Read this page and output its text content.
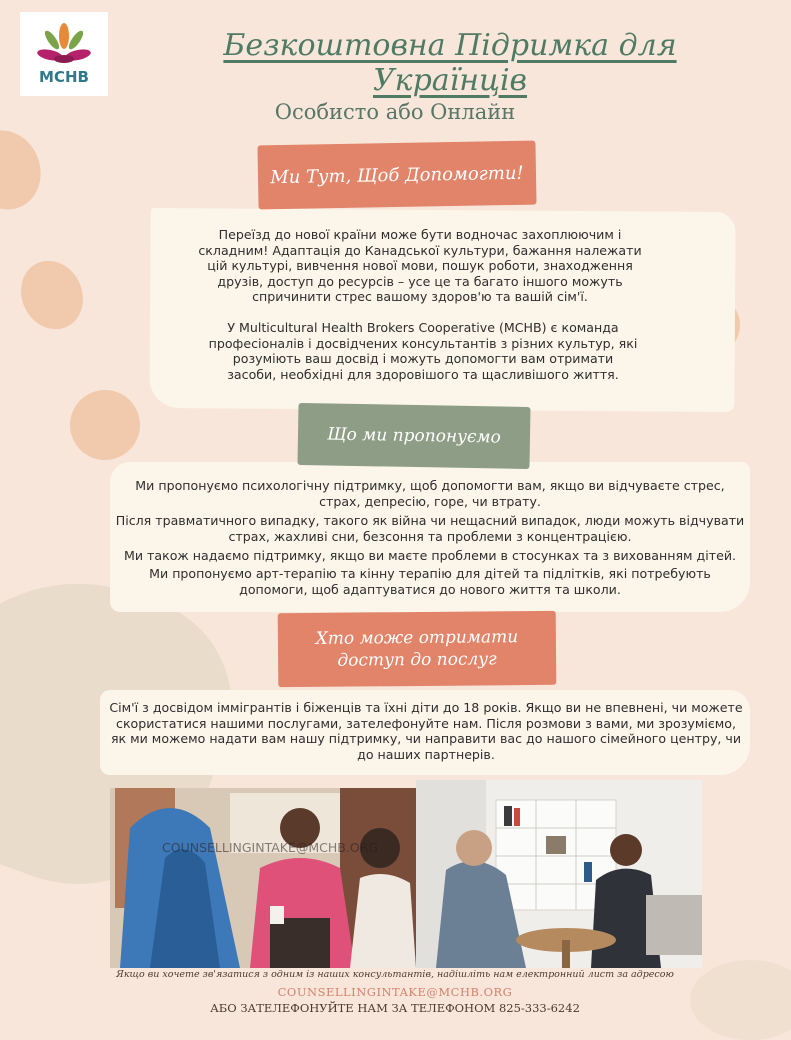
MCHB
Безкоштовна Підримка для Українців
Особисто або Онлайн
Ми Тут, Щоб Допомогти!
Переїзд до нової країни може бути водночас захоплюючим і складним! Адаптація до Канадської культури, бажання належати цій культурі, вивчення нової мови, пошук роботи, знаходження друзів, доступ до ресурсів – усе це та багато іншого можуть спричинити стрес вашому здоров'ю та вашій сім'ї.
У Multicultural Health Brokers Cooperative (MCHB) є команда професіоналів і досвідчених консультантів з різних культур, які розуміють ваш досвід і можуть допомогти вам отримати засоби, необхідні для здоровішого та щасливішого життя.
Що ми пропонуємо
Ми пропонуємо психологічну підтримку, щоб допомогти вам, якщо ви відчуваєте стрес, страх, депресію, горе, чи втрату.
Після травматичного випадку, такого як війна чи нещасний випадок, люди можуть відчувати страх, жахливі сни, безсоння та проблеми з концентрацією.
Ми також надаємо підтримку, якщо ви маєте проблеми в стосунках та з вихованням дітей.
Ми пропонуємо арт-терапію та кінну терапію для дітей та підлітків, які потребують допомоги, щоб адаптуватися до нового життя та школи.
Хто може отримати доступ до послуг
Сім'ї з досвідом іммігрантів і біженців та їхні діти до 18 років. Якщо ви не впевнені, чи можете скористатися нашими послугами, зателефонуйте нам. Після розмови з вами, ми зрозуміємо, як ми можемо надати вам нашу підтримку, чи направити вас до нашого сімейного центру, чи до наших партнерів.
COUNSELLINGINTAKE@MCHB.ORG
Якщо ви хочете зв'язатися з одним із наших консультантів, надішліть нам електронний лист за адресою
COUNSELLINGINTAKE@MCHB.ORG
АБО ЗАТЕЛЕФОНУЙТЕ НАМ ЗА ТЕЛЕФОНОМ 825-333-6242
